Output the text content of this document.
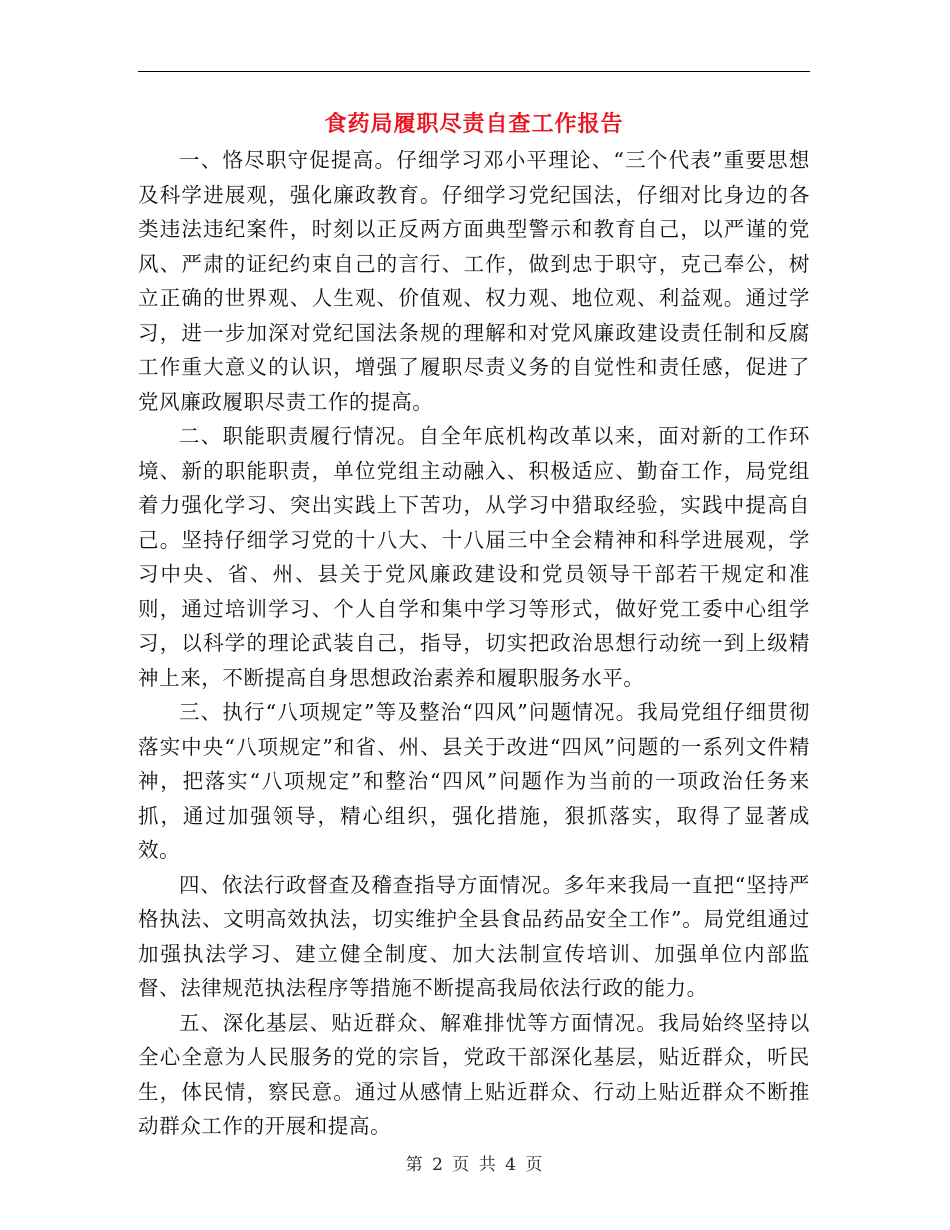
食药局履职尽责自查工作报告

一、恪尽职守促提高。仔细学习邓小平理论、“三个代表”重要思想及科学进展观，强化廉政教育。仔细学习党纪国法，仔细对比身边的各类违法违纪案件，时刻以正反两方面典型警示和教育自己，以严谨的党风、严肃的证纪约束自己的言行、工作，做到忠于职守，克己奉公，树立正确的世界观、人生观、价值观、权力观、地位观、利益观。通过学习，进一步加深对党纪国法条规的理解和对党风廉政建设责任制和反腐工作重大意义的认识，增强了履职尽责义务的自觉性和责任感，促进了党风廉政履职尽责工作的提高。

二、职能职责履行情况。自全年底机构改革以来，面对新的工作环境、新的职能职责，单位党组主动融入、积极适应、勤奋工作，局党组着力强化学习、突出实践上下苦功，从学习中猎取经验，实践中提高自己。坚持仔细学习党的十八大、十八届三中全会精神和科学进展观，学习中央、省、州、县关于党风廉政建设和党员领导干部若干规定和准则，通过培训学习、个人自学和集中学习等形式，做好党工委中心组学习，以科学的理论武装自己，指导，切实把政治思想行动统一到上级精神上来，不断提高自身思想政治素养和履职服务水平。

三、执行“八项规定”等及整治“四风”问题情况。我局党组仔细贯彻落实中央“八项规定”和省、州、县关于改进“四风”问题的一系列文件精神，把落实“八项规定”和整治“四风”问题作为当前的一项政治任务来抓，通过加强领导，精心组织，强化措施，狠抓落实，取得了显著成效。

四、依法行政督查及稽查指导方面情况。多年来我局一直把“坚持严格执法、文明高效执法，切实维护全县食品药品安全工作”。局党组通过加强执法学习、建立健全制度、加大法制宣传培训、加强单位内部监督、法律规范执法程序等措施不断提高我局依法行政的能力。

五、深化基层、贴近群众、解难排忧等方面情况。我局始终坚持以全心全意为人民服务的党的宗旨，党政干部深化基层，贴近群众，听民生，体民情，察民意。通过从感情上贴近群众、行动上贴近群众不断推动群众工作的开展和提高。

第 2 页 共 4 页
